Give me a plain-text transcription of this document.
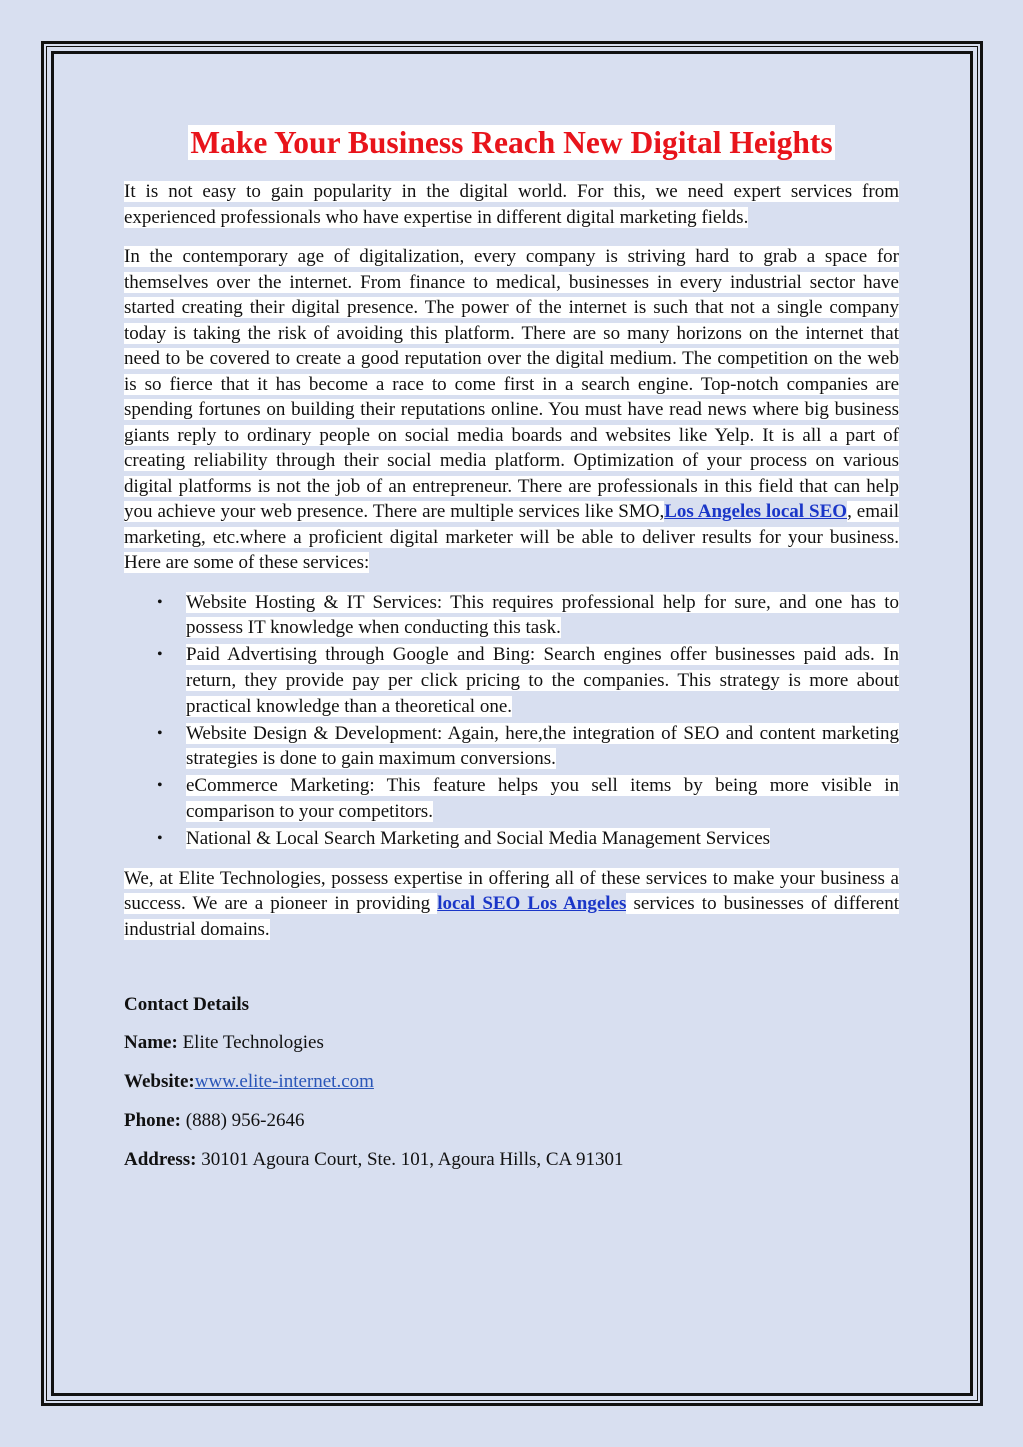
Make Your Business Reach New Digital Heights

It is not easy to gain popularity in the digital world. For this, we need expert services from experienced professionals who have expertise in different digital marketing fields.

In the contemporary age of digitalization, every company is striving hard to grab a space for themselves over the internet. From finance to medical, businesses in every industrial sector have started creating their digital presence. The power of the internet is such that not a single company today is taking the risk of avoiding this platform. There are so many horizons on the internet that need to be covered to create a good reputation over the digital medium. The competition on the web is so fierce that it has become a race to come first in a search engine. Top-notch companies are spending fortunes on building their reputations online. You must have read news where big business giants reply to ordinary people on social media boards and websites like Yelp. It is all a part of creating reliability through their social media platform. Optimization of your process on various digital platforms is not the job of an entrepreneur. There are professionals in this field that can help you achieve your web presence. There are multiple services like SMO,Los Angeles local SEO, email marketing, etc.where a proficient digital marketer will be able to deliver results for your business. Here are some of these services:

• Website Hosting & IT Services: This requires professional help for sure, and one has to possess IT knowledge when conducting this task.
• Paid Advertising through Google and Bing: Search engines offer businesses paid ads. In return, they provide pay per click pricing to the companies. This strategy is more about practical knowledge than a theoretical one.
• Website Design & Development: Again, here,the integration of SEO and content marketing strategies is done to gain maximum conversions.
• eCommerce Marketing: This feature helps you sell items by being more visible in comparison to your competitors.
• National & Local Search Marketing and Social Media Management Services

We, at Elite Technologies, possess expertise in offering all of these services to make your business a success. We are a pioneer in providing local SEO Los Angeles services to businesses of different industrial domains.

Contact Details
Name: Elite Technologies
Website:www.elite-internet.com
Phone: (888) 956-2646
Address: 30101 Agoura Court, Ste. 101, Agoura Hills, CA 91301
